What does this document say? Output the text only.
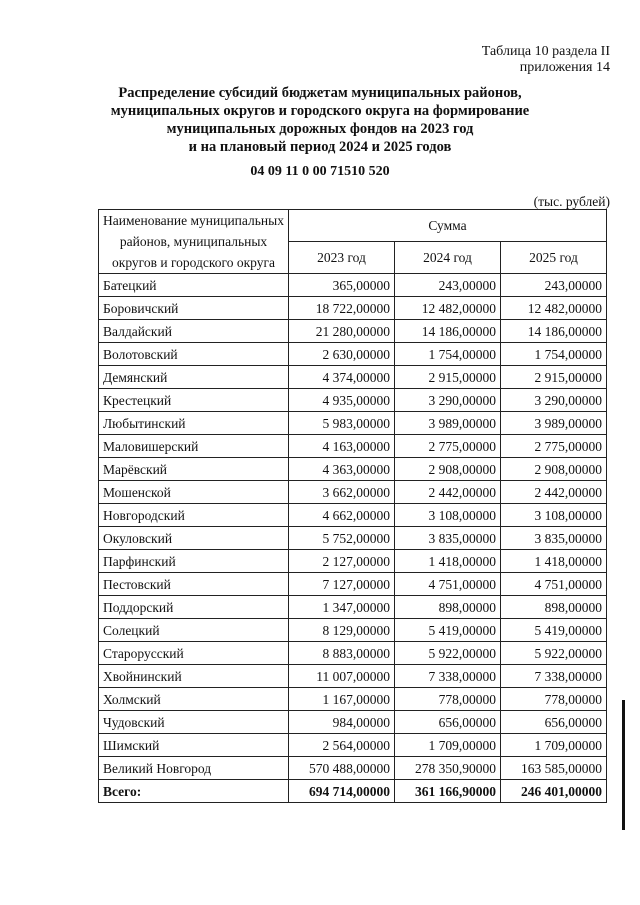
Таблица 10 раздела II
приложения 14
Распределение субсидий бюджетам муниципальных районов,
муниципальных округов и городского округа на формирование
муниципальных дорожных фондов на 2023 год
и на плановый период 2024 и 2025 годов
04 09 11 0 00 71510 520
(тыс. рублей)
Наименование муниципальных районов, муниципальных округов и городского округа	Сумма		
	2023 год	2024 год	2025 год
Батецкий	365,00000	243,00000	243,00000
Боровичский	18 722,00000	12 482,00000	12 482,00000
Валдайский	21 280,00000	14 186,00000	14 186,00000
Волотовский	2 630,00000	1 754,00000	1 754,00000
Демянский	4 374,00000	2 915,00000	2 915,00000
Крестецкий	4 935,00000	3 290,00000	3 290,00000
Любытинский	5 983,00000	3 989,00000	3 989,00000
Маловишерский	4 163,00000	2 775,00000	2 775,00000
Марёвский	4 363,00000	2 908,00000	2 908,00000
Мошенской	3 662,00000	2 442,00000	2 442,00000
Новгородский	4 662,00000	3 108,00000	3 108,00000
Окуловский	5 752,00000	3 835,00000	3 835,00000
Парфинский	2 127,00000	1 418,00000	1 418,00000
Пестовский	7 127,00000	4 751,00000	4 751,00000
Поддорский	1 347,00000	898,00000	898,00000
Солецкий	8 129,00000	5 419,00000	5 419,00000
Старорусский	8 883,00000	5 922,00000	5 922,00000
Хвойнинский	11 007,00000	7 338,00000	7 338,00000
Холмский	1 167,00000	778,00000	778,00000
Чудовский	984,00000	656,00000	656,00000
Шимский	2 564,00000	1 709,00000	1 709,00000
Великий Новгород	570 488,00000	278 350,90000	163 585,00000
Всего:	694 714,00000	361 166,90000	246 401,00000
